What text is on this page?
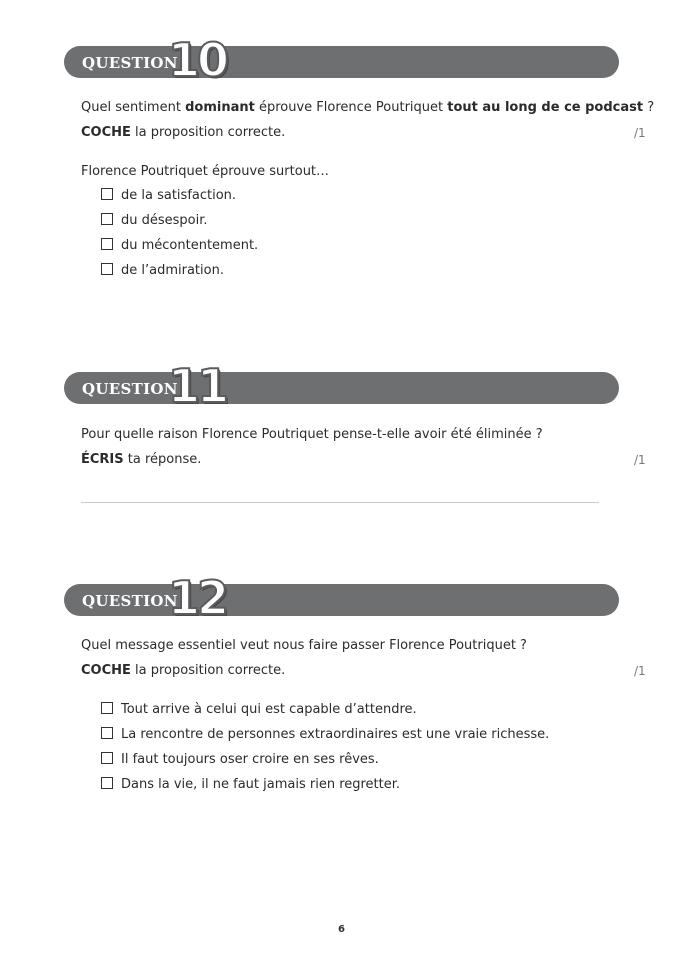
QUESTION
10
Quel sentiment dominant éprouve Florence Poutriquet tout au long de ce podcast ?
COCHE la proposition correcte.	/1
Florence Poutriquet éprouve surtout…
de la satisfaction.
du désespoir.
du mécontentement.
de l’admiration.
QUESTION
11
Pour quelle raison Florence Poutriquet pense-t-elle avoir été éliminée ?
ÉCRIS ta réponse.	/1
QUESTION
12
Quel message essentiel veut nous faire passer Florence Poutriquet ?
COCHE la proposition correcte.	/1
Tout arrive à celui qui est capable d’attendre.
La rencontre de personnes extraordinaires est une vraie richesse.
Il faut toujours oser croire en ses rêves.
Dans la vie, il ne faut jamais rien regretter.
6
